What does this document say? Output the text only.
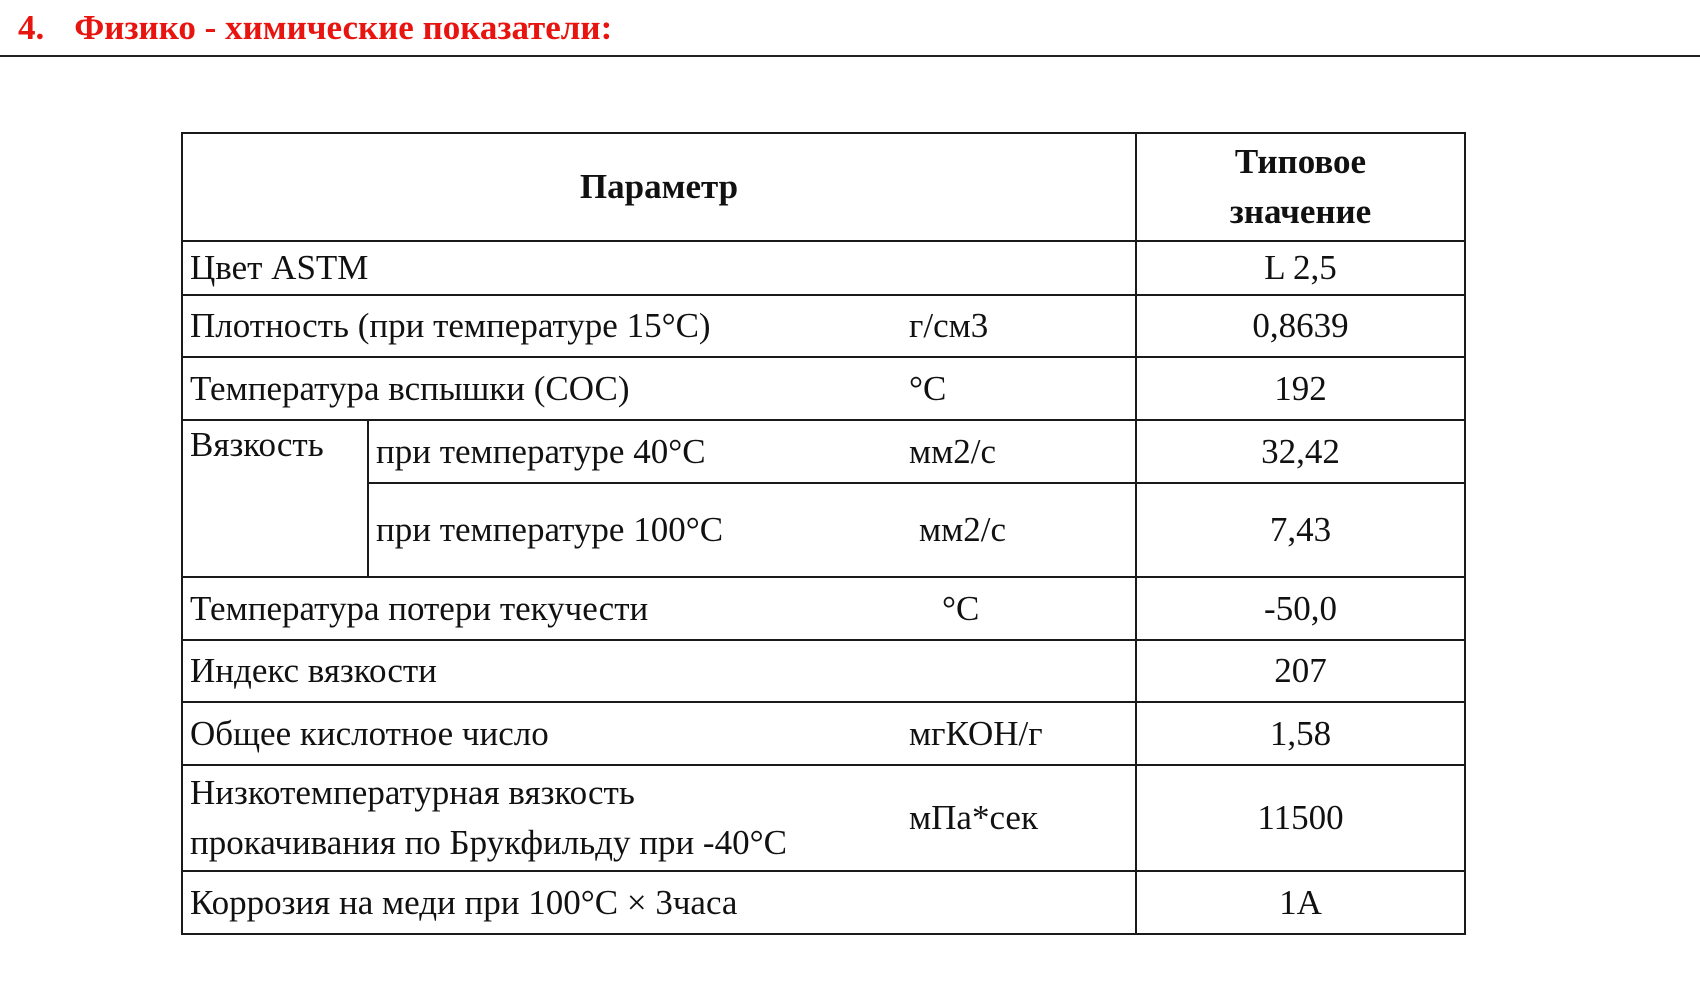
4. Физико - химические показатели:
Параметр		Типовое
значение

Цвет ASTM		L 2,5

Плотность (при температуре 15°С) г/см3		0,8639

Температура вспышки (СОС) °С		192
Вязкость	при температуре 40°С мм2/с	32,42

	при температуре 100°С мм2/с	7,43

Температура потери текучести °С		-50,0
Индекс вязкости		207

Общее кислотное число мгКОН/г		1,58

Низкотемпературная вязкость
прокачивания по Брукфильду при -40°С
мПа*сек		11500
Коррозия на меди при 100°С × 3часа		1A
